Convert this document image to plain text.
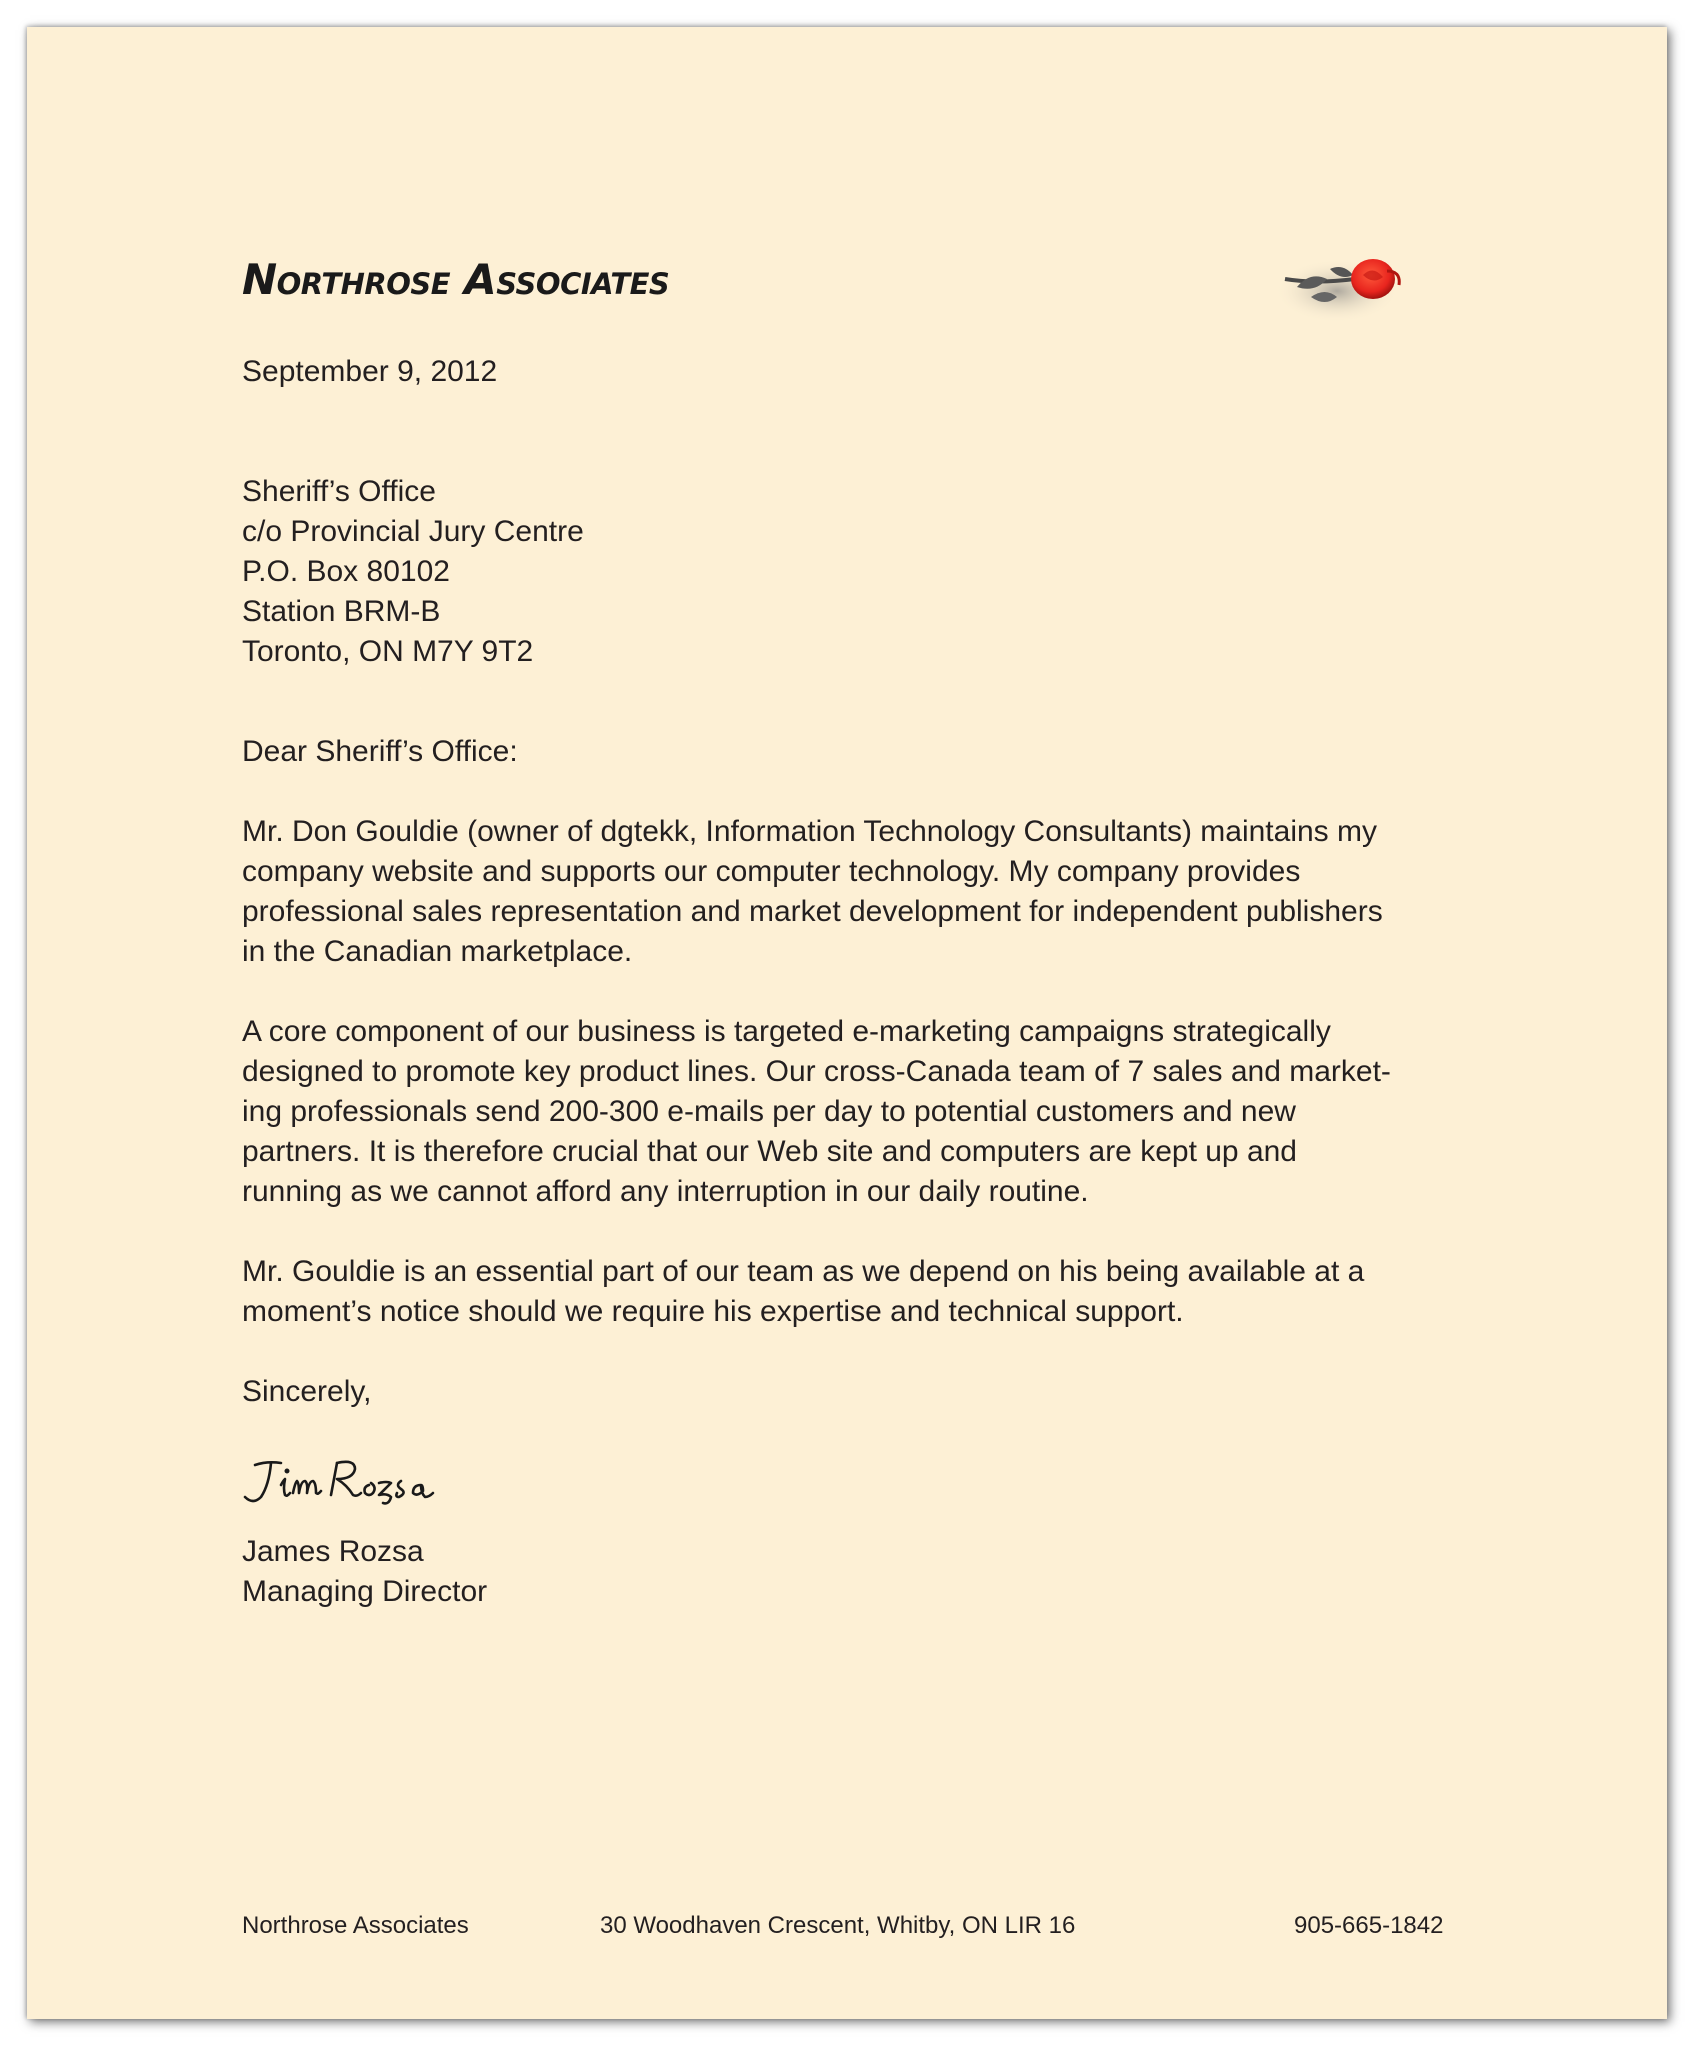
Northrose Associates
September 9, 2012
Sheriff’s Office
c/o Provincial Jury Centre
P.O. Box 80102
Station BRM-B
Toronto, ON M7Y 9T2
Dear Sheriff’s Office:
Mr. Don Gouldie (owner of dgtekk, Information Technology Consultants) maintains my
company website and supports our computer technology. My company provides
professional sales representation and market development for independent publishers
in the Canadian marketplace.
A core component of our business is targeted e-marketing campaigns strategically
designed to promote key product lines. Our cross-Canada team of 7 sales and market-
ing professionals send 200-300 e-mails per day to potential customers and new
partners. It is therefore crucial that our Web site and computers are kept up and
running as we cannot afford any interruption in our daily routine.
Mr. Gouldie is an essential part of our team as we depend on his being available at a
moment’s notice should we require his expertise and technical support.
Sincerely,
James Rozsa
Managing Director
Northrose Associates	30 Woodhaven Crescent, Whitby, ON LIR 16	905-665-1842
